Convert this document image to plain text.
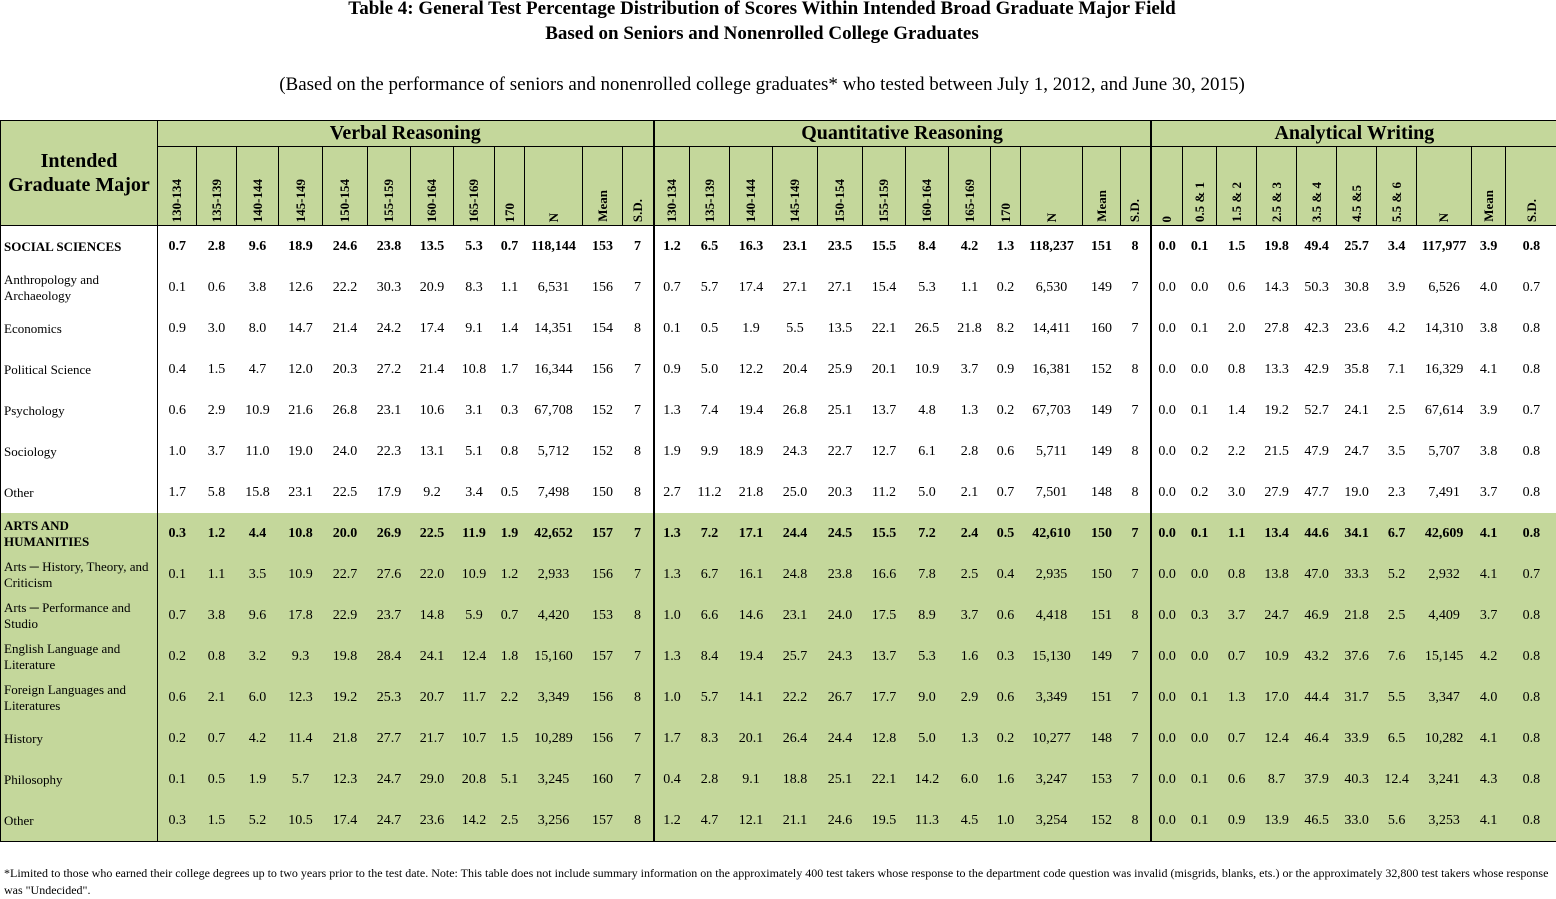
Table 4: General Test Percentage Distribution of Scores Within Intended Broad Graduate Major Field
Based on Seniors and Nonenrolled College Graduates
(Based on the performance of seniors and nonenrolled college graduates* who tested between July 1, 2012, and June 30, 2015)
Intended Graduate Major	Verbal Reasoning												Quantitative Reasoning												Analytical Writing									

	130-134	135-139	140-144	145-149	150-154	155-159	160-164	165-169	170	N	Mean	S.D.	130-134	135-139	140-144	145-149	150-154	155-159	160-164	165-169	170	N	Mean	S.D.	0	0.5 & 1	1.5 & 2	2.5 & 3	3.5 & 4	4.5 &5	5.5 & 6	N	Mean	S.D.

SOCIAL SCIENCES	0.7	2.8	9.6	18.9	24.6	23.8	13.5	5.3	0.7	118,144	153	7	1.2	6.5	16.3	23.1	23.5	15.5	8.4	4.2	1.3	118,237	151	8	0.0	0.1	1.5	19.8	49.4	25.7	3.4	117,977	3.9	0.8
Anthropology and Archaeology	0.1	0.6	3.8	12.6	22.2	30.3	20.9	8.3	1.1	6,531	156	7	0.7	5.7	17.4	27.1	27.1	15.4	5.3	1.1	0.2	6,530	149	7	0.0	0.0	0.6	14.3	50.3	30.8	3.9	6,526	4.0	0.7
Economics	0.9	3.0	8.0	14.7	21.4	24.2	17.4	9.1	1.4	14,351	154	8	0.1	0.5	1.9	5.5	13.5	22.1	26.5	21.8	8.2	14,411	160	7	0.0	0.1	2.0	27.8	42.3	23.6	4.2	14,310	3.8	0.8
Political Science	0.4	1.5	4.7	12.0	20.3	27.2	21.4	10.8	1.7	16,344	156	7	0.9	5.0	12.2	20.4	25.9	20.1	10.9	3.7	0.9	16,381	152	8	0.0	0.0	0.8	13.3	42.9	35.8	7.1	16,329	4.1	0.8
Psychology	0.6	2.9	10.9	21.6	26.8	23.1	10.6	3.1	0.3	67,708	152	7	1.3	7.4	19.4	26.8	25.1	13.7	4.8	1.3	0.2	67,703	149	7	0.0	0.1	1.4	19.2	52.7	24.1	2.5	67,614	3.9	0.7
Sociology	1.0	3.7	11.0	19.0	24.0	22.3	13.1	5.1	0.8	5,712	152	8	1.9	9.9	18.9	24.3	22.7	12.7	6.1	2.8	0.6	5,711	149	8	0.0	0.2	2.2	21.5	47.9	24.7	3.5	5,707	3.8	0.8
Other	1.7	5.8	15.8	23.1	22.5	17.9	9.2	3.4	0.5	7,498	150	8	2.7	11.2	21.8	25.0	20.3	11.2	5.0	2.1	0.7	7,501	148	8	0.0	0.2	3.0	27.9	47.7	19.0	2.3	7,491	3.7	0.8
ARTS AND HUMANITIES	0.3	1.2	4.4	10.8	20.0	26.9	22.5	11.9	1.9	42,652	157	7	1.3	7.2	17.1	24.4	24.5	15.5	7.2	2.4	0.5	42,610	150	7	0.0	0.1	1.1	13.4	44.6	34.1	6.7	42,609	4.1	0.8
Arts ─ History, Theory, and Criticism	0.1	1.1	3.5	10.9	22.7	27.6	22.0	10.9	1.2	2,933	156	7	1.3	6.7	16.1	24.8	23.8	16.6	7.8	2.5	0.4	2,935	150	7	0.0	0.0	0.8	13.8	47.0	33.3	5.2	2,932	4.1	0.7
Arts ─ Performance and Studio	0.7	3.8	9.6	17.8	22.9	23.7	14.8	5.9	0.7	4,420	153	8	1.0	6.6	14.6	23.1	24.0	17.5	8.9	3.7	0.6	4,418	151	8	0.0	0.3	3.7	24.7	46.9	21.8	2.5	4,409	3.7	0.8
English Language and Literature	0.2	0.8	3.2	9.3	19.8	28.4	24.1	12.4	1.8	15,160	157	7	1.3	8.4	19.4	25.7	24.3	13.7	5.3	1.6	0.3	15,130	149	7	0.0	0.0	0.7	10.9	43.2	37.6	7.6	15,145	4.2	0.8
Foreign Languages and Literatures	0.6	2.1	6.0	12.3	19.2	25.3	20.7	11.7	2.2	3,349	156	8	1.0	5.7	14.1	22.2	26.7	17.7	9.0	2.9	0.6	3,349	151	7	0.0	0.1	1.3	17.0	44.4	31.7	5.5	3,347	4.0	0.8
History	0.2	0.7	4.2	11.4	21.8	27.7	21.7	10.7	1.5	10,289	156	7	1.7	8.3	20.1	26.4	24.4	12.8	5.0	1.3	0.2	10,277	148	7	0.0	0.0	0.7	12.4	46.4	33.9	6.5	10,282	4.1	0.8
Philosophy	0.1	0.5	1.9	5.7	12.3	24.7	29.0	20.8	5.1	3,245	160	7	0.4	2.8	9.1	18.8	25.1	22.1	14.2	6.0	1.6	3,247	153	7	0.0	0.1	0.6	8.7	37.9	40.3	12.4	3,241	4.3	0.8
Other	0.3	1.5	5.2	10.5	17.4	24.7	23.6	14.2	2.5	3,256	157	8	1.2	4.7	12.1	21.1	24.6	19.5	11.3	4.5	1.0	3,254	152	8	0.0	0.1	0.9	13.9	46.5	33.0	5.6	3,253	4.1	0.8
*Limited to those who earned their college degrees up to two years prior to the test date. Note: This table does not include summary information on the approximately 400 test takers whose response to the department code question was invalid (misgrids, blanks, ets.) or the approximately 32,800 test takers whose response was "Undecided".
